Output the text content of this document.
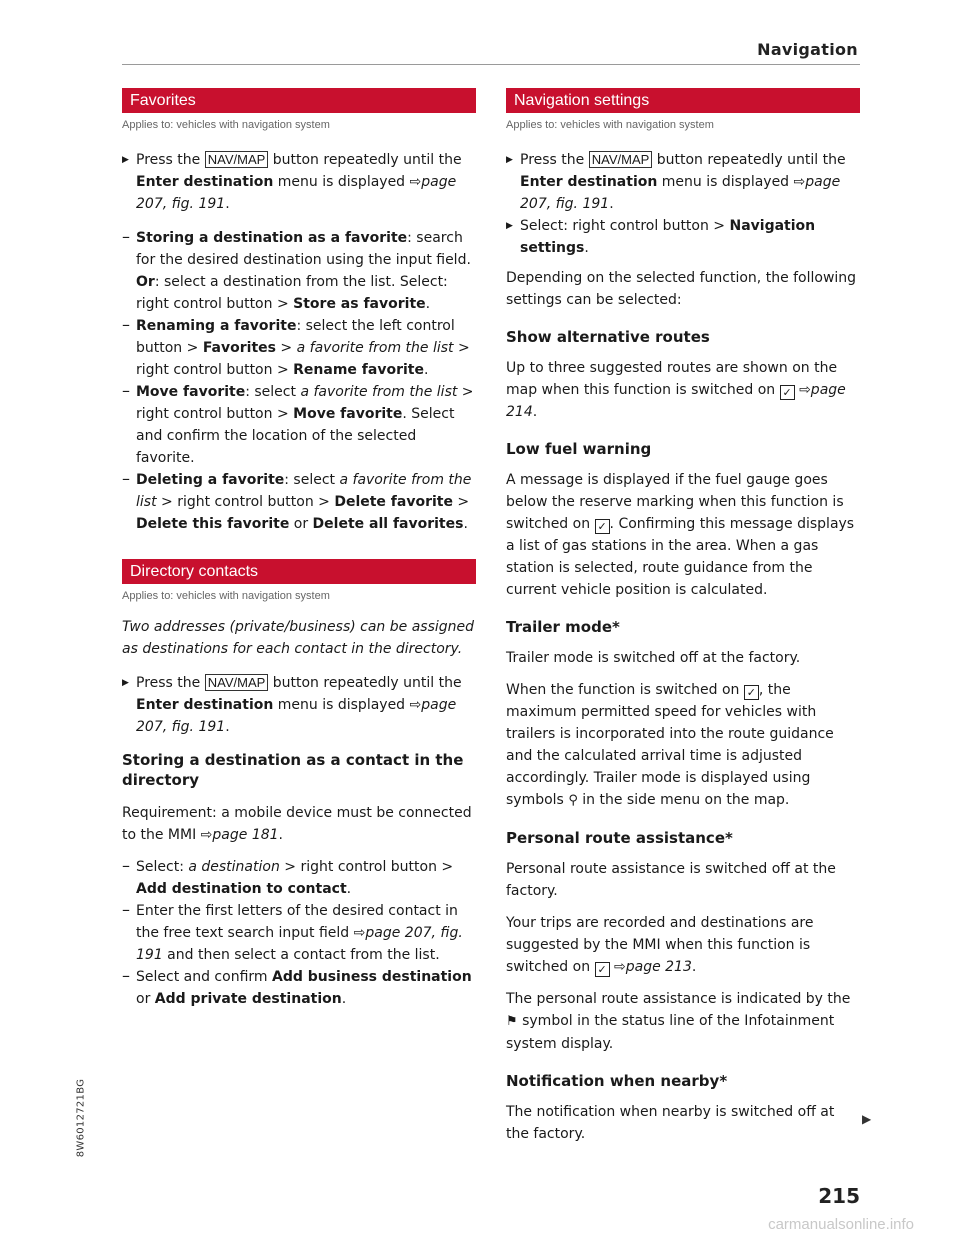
Navigation
Favorites
Applies to: vehicles with navigation system
▶ Press the NAV/MAP button repeatedly until the Enter destination menu is displayed ⇨page 207, fig. 191.

– Storing a destination as a favorite: search for the desired destination using the input field. Or: select a destination from the list. Select: right control button > Store as favorite.

– Renaming a favorite: select the left control button > Favorites > a favorite from the list > right control button > Rename favorite.

– Move favorite: select a favorite from the list > right control button > Move favorite. Select and confirm the location of the selected favorite.

– Deleting a favorite: select a favorite from the list > right control button > Delete favorite > Delete this favorite or Delete all favorites.

Directory contacts
Applies to: vehicles with navigation system

Two addresses (private/business) can be assigned as destinations for each contact in the directory.

▶ Press the NAV/MAP button repeatedly until the Enter destination menu is displayed ⇨page 207, fig. 191.

Storing a destination as a contact in the directory

Requirement: a mobile device must be connected to the MMI ⇨page 181.

– Select: a destination > right control button > Add destination to contact.

– Enter the first letters of the desired contact in the free text search input field ⇨page 207, fig. 191 and then select a contact from the list.

– Select and confirm Add business destination or Add private destination.

Navigation settings
Applies to: vehicles with navigation system
▶ Press the NAV/MAP button repeatedly until the Enter destination menu is displayed ⇨page 207, fig. 191.

▶ Select: right control button > Navigation settings.

Depending on the selected function, the following settings can be selected:

Show alternative routes

Up to three suggested routes are shown on the map when this function is switched on ✓ ⇨page 214.

Low fuel warning

A message is displayed if the fuel gauge goes below the reserve marking when this function is switched on ✓ . Confirming this message displays a list of gas stations in the area. When a gas station is selected, route guidance from the current vehicle position is calculated.

Trailer mode*

Trailer mode is switched off at the factory.

When the function is switched on ✓ , the maximum permitted speed for vehicles with trailers is incorporated into the route guidance and the calculated arrival time is adjusted accordingly. Trailer mode is displayed using symbols ⚲ in the side menu on the map.

Personal route assistance*

Personal route assistance is switched off at the factory.

Your trips are recorded and destinations are suggested by the MMI when this function is switched on ✓ ⇨page 213.

The personal route assistance is indicated by the ⚑ symbol in the status line of the Infotainment system display.

Notification when nearby*

The notification when nearby is switched off at the factory.

▶
8W6012721BG
215
carmanualsonline.info
